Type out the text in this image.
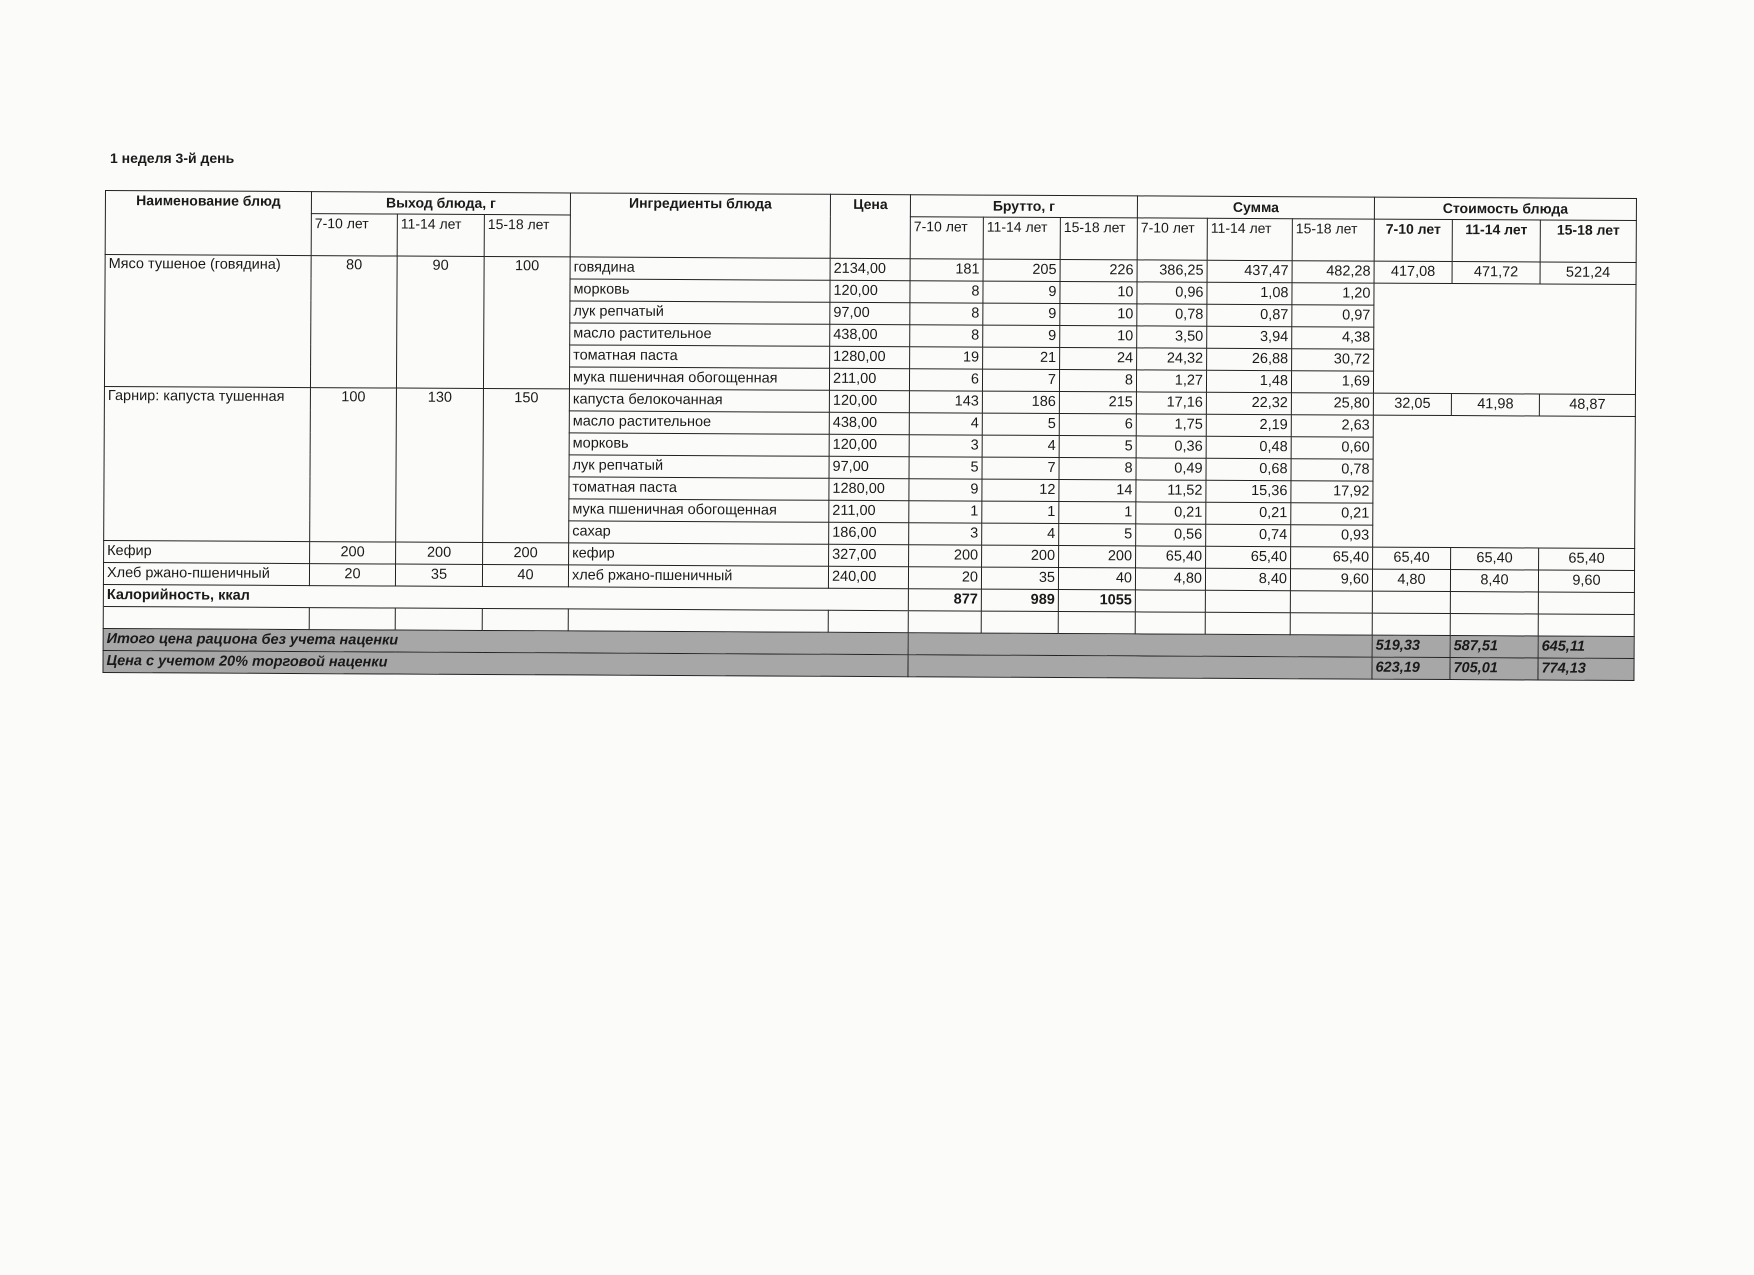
1 неделя 3-й день
Наименование блюд	Выход блюда, г			Ингредиенты блюда	Цена	Брутто, г			Сумма			Стоимость блюда		
	7-10 лет	11-14 лет	15-18 лет			7-10 лет	11-14 лет	15-18 лет	7-10 лет	11-14 лет	15-18 лет	7-10 лет	11-14 лет	15-18 лет
Мясо тушеное (говядина)	80	90	100	говядина	2134,00	181	205	226	386,25	437,47	482,28	417,08	471,72	521,24
				морковь	120,00	8	9	10	0,96	1,08	1,20			
				лук репчатый	97,00	8	9	10	0,78	0,87	0,97			
				масло растительное	438,00	8	9	10	3,50	3,94	4,38			
				томатная паста	1280,00	19	21	24	24,32	26,88	30,72			
				мука пшеничная обогощенная	211,00	6	7	8	1,27	1,48	1,69			
Гарнир: капуста тушенная	100	130	150	капуста белокочанная	120,00	143	186	215	17,16	22,32	25,80	32,05	41,98	48,87
				масло растительное	438,00	4	5	6	1,75	2,19	2,63			
				морковь	120,00	3	4	5	0,36	0,48	0,60			
				лук репчатый	97,00	5	7	8	0,49	0,68	0,78			
				томатная паста	1280,00	9	12	14	11,52	15,36	17,92			
				мука пшеничная обогощенная	211,00	1	1	1	0,21	0,21	0,21			
				сахар	186,00	3	4	5	0,56	0,74	0,93			
Кефир	200	200	200	кефир	327,00	200	200	200	65,40	65,40	65,40	65,40	65,40	65,40
Хлеб ржано-пшеничный	20	35	40	хлеб ржано-пшеничный	240,00	20	35	40	4,80	8,40	9,60	4,80	8,40	9,60
Калорийность, ккал						877	989	1055						

Итого цена рациона без учета наценки												519,33	587,51	645,11
Цена с учетом 20% торговой наценки												623,19	705,01	774,13
